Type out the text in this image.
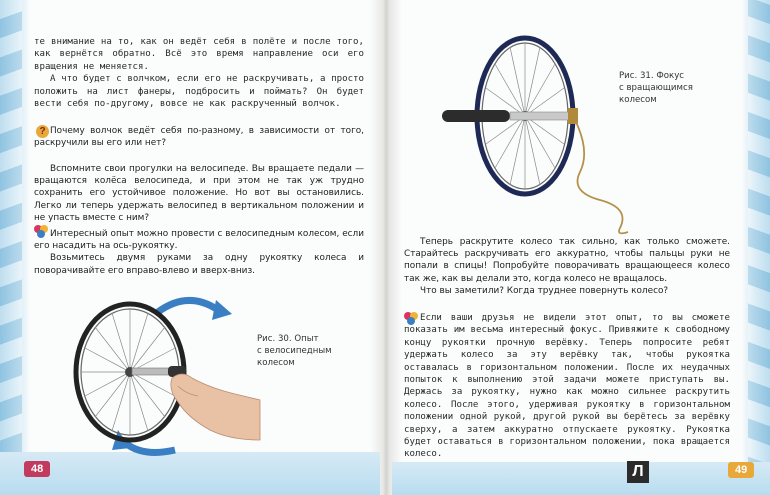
те внимание на то, как он ведёт себя в полёте и после того, как вернётся обратно. Всё это время направление оси его вращения не меняется.

А что будет с волчком, если его не раскручивать, а просто положить на лист фанеры, подбросить и поймать? Он будет вести себя по-другому, вовсе не как раскрученный волчок.

? Почему волчок ведёт себя по-разному, в зависимости от того, раскручили вы его или нет?

Вспомните свои прогулки на велосипеде. Вы вращаете педали — вращаются колёса велосипеда, и при этом не так уж трудно сохранить его устойчивое положение. Но вот вы остановились. Легко ли теперь удержать велосипед в вертикальном положении и не упасть вместе с ним?

Интересный опыт можно провести с велосипедным колесом, если его насадить на ось-рукоятку.

Возьмитесь двумя руками за одну рукоятку колеса и поворачивайте его вправо-влево и вверх-вниз.

Рис. 30. Опыт
с велосипедным
колесом
48
Рис. 31. Фокус
с вращающимся
колесом

Теперь раскрутите колесо так сильно, как только сможете. Старайтесь раскручивать его аккуратно, чтобы пальцы руки не попали в спицы! Попробуйте поворачивать вращающееся колесо так же, как вы делали это, когда колесо не вращалось.

Что вы заметили? Когда труднее повернуть колесо?

Если ваши друзья не видели этот опыт, то вы сможете показать им весьма интересный фокус. Привяжите к свободному концу рукоятки прочную верёвку. Теперь попросите ребят удержать колесо за эту верёвку так, чтобы рукоятка оставалась в горизонтальном положении. После их неудачных попыток к выполнению этой задачи можете приступать вы. Держась за рукоятку, нужно как можно сильнее раскрутить колесо. После этого, удерживая рукоятку в горизонтальном положении одной рукой, другой рукой вы берётесь за верёвку сверху, а затем аккуратно отпускаете рукоятку. Рукоятка будет оставаться в горизонтальном положении, пока вращается колесо.

Л	49
